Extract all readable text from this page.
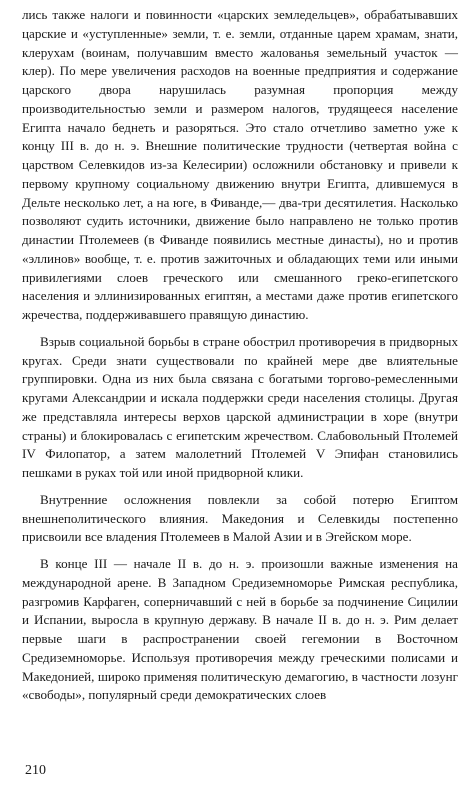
лись также налоги и повинности «царских земледельцев», обрабатывавших царские и «уступленные» земли, т. е. земли, отданные царем храмам, знати, клерухам (воинам, получавшим вместо жалованья земельный участок — клер). По мере увеличения расходов на военные предприятия и содержание царского двора нарушилась разумная пропорция между производительностью земли и размером налогов, трудящееся население Египта начало беднеть и разоряться. Это стало отчетливо заметно уже к концу III в. до н. э. Внешние политические трудности (четвертая война с царством Селевкидов из-за Келесирии) осложнили обстановку и привели к первому крупному социальному движению внутри Египта, длившемуся в Дельте несколько лет, а на юге, в Фиванде,— два-три десятилетия. Насколько позволяют судить источники, движение было направлено не только против династии Птолемеев (в Фиванде появились местные династы), но и против «эллинов» вообще, т. е. против зажиточных и обладающих теми или иными привилегиями слоев греческого или смешанного греко-египетского населения и эллинизированных египтян, а местами даже против египетского жречества, поддерживавшего правящую династию.

Взрыв социальной борьбы в стране обострил противоречия в придворных кругах. Среди знати существовали по крайней мере две влиятельные группировки. Одна из них была связана с богатыми торгово-ремесленными кругами Александрии и искала поддержки среди населения столицы. Другая же представляла интересы верхов царской администрации в хоре (внутри страны) и блокировалась с египетским жречеством. Слабовольный Птолемей IV Филопатор, а затем малолетний Птолемей V Эпифан становились пешками в руках той или иной придворной клики.

Внутренние осложнения повлекли за собой потерю Египтом внешнеполитического влияния. Македония и Селевкиды постепенно присвоили все владения Птолемеев в Малой Азии и в Эгейском море.

В конце III — начале II в. до н. э. произошли важные изменения на международной арене. В Западном Средиземноморье Римская республика, разгромив Карфаген, соперничавший с ней в борьбе за подчинение Сицилии и Испании, выросла в крупную державу. В начале II в. до н. э. Рим делает первые шаги в распространении своей гегемонии в Восточном Средиземноморье. Используя противоречия между греческими полисами и Македонией, широко применяя политическую демагогию, в частности лозунг «свободы», популярный среди демократических слоев

210
